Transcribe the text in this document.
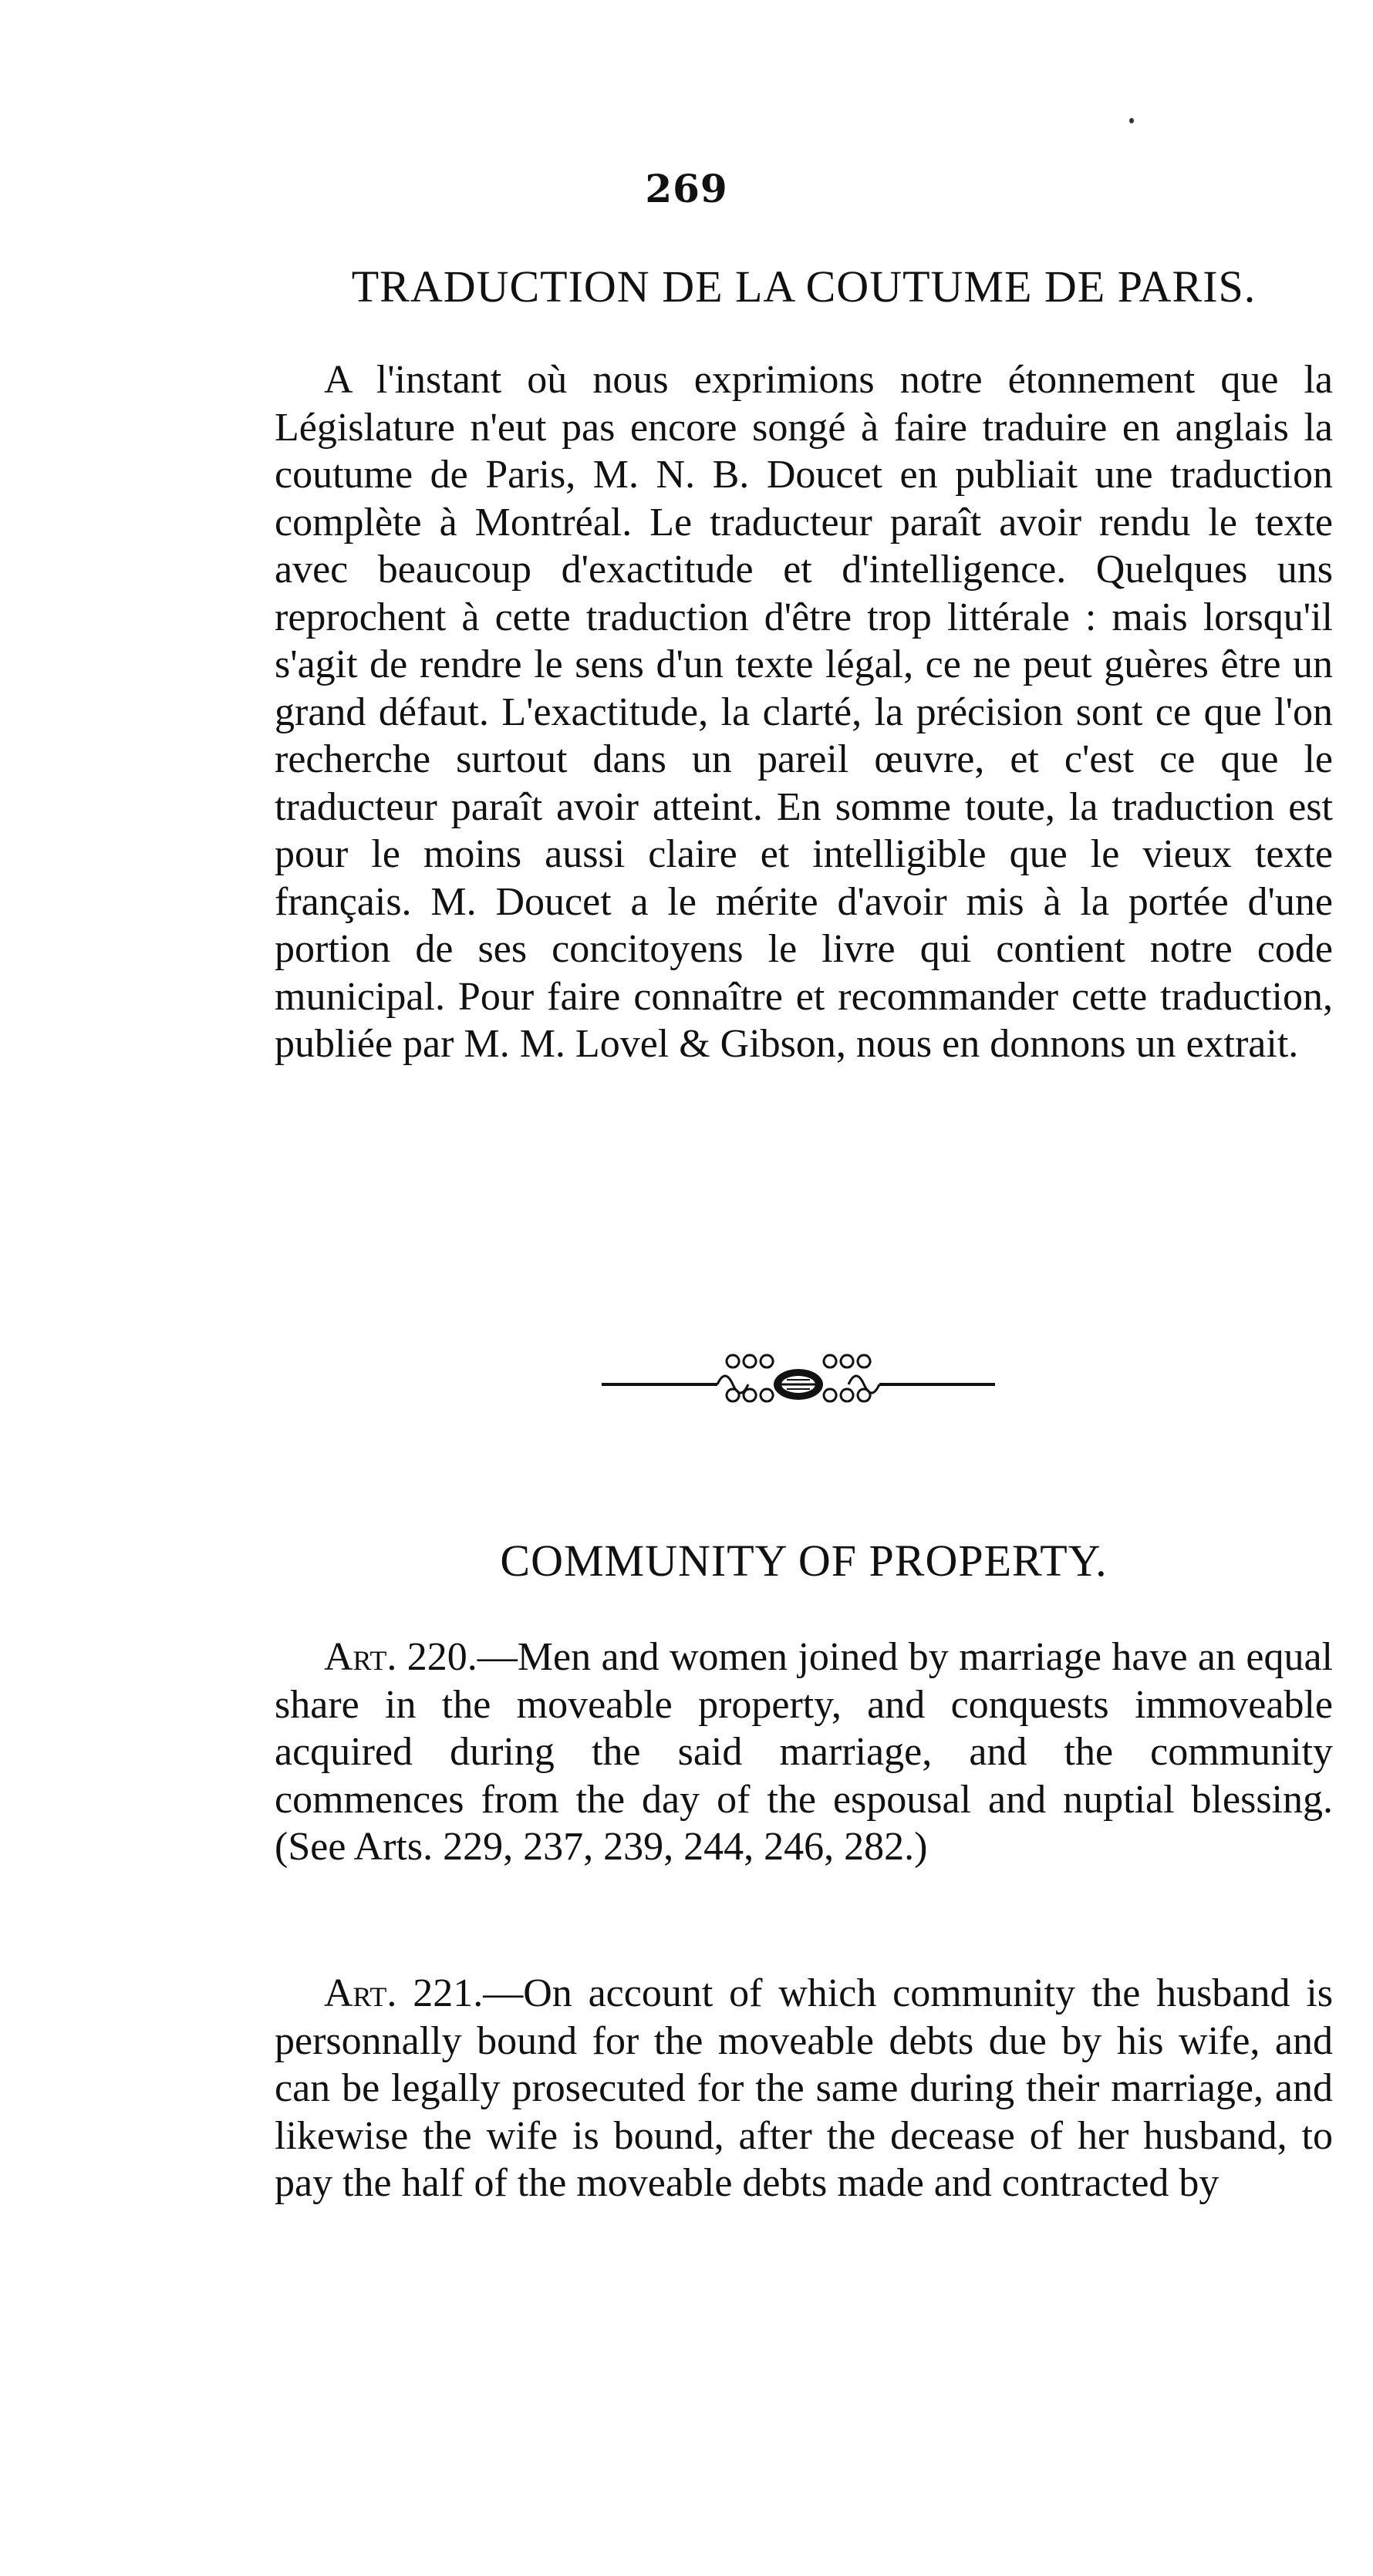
269
TRADUCTION DE LA COUTUME DE PARIS.

A l'instant où nous exprimions notre étonnement que la Législature n'eut pas encore songé à faire traduire en anglais la coutume de Paris, M. N. B. Doucet en publiait une traduction complète à Montréal. Le traducteur paraît avoir rendu le texte avec beaucoup d'exactitude et d'intelligence. Quelques uns reprochent à cette traduction d'être trop littérale : mais lorsqu'il s'agit de rendre le sens d'un texte légal, ce ne peut guères être un grand défaut. L'exactitude, la clarté, la précision sont ce que l'on recherche surtout dans un pareil œuvre, et c'est ce que le traducteur paraît avoir atteint. En somme toute, la traduction est pour le moins aussi claire et intelligible que le vieux texte français. M. Doucet a le mérite d'avoir mis à la portée d'une portion de ses concitoyens le livre qui contient notre code municipal. Pour faire connaître et recommander cette traduction, publiée par M. M. Lovel & Gibson, nous en donnons un extrait.

COMMUNITY OF PROPERTY.

Art. 220.—Men and women joined by marriage have an equal share in the moveable property, and conquests immoveable acquired during the said marriage, and the community commences from the day of the espousal and nuptial blessing. (See Arts. 229, 237, 239, 244, 246, 282.)

Art. 221.—On account of which community the husband is personnally bound for the moveable debts due by his wife, and can be legally prosecuted for the same during their marriage, and likewise the wife is bound, after the decease of her husband, to pay the half of the moveable debts made and contracted by
